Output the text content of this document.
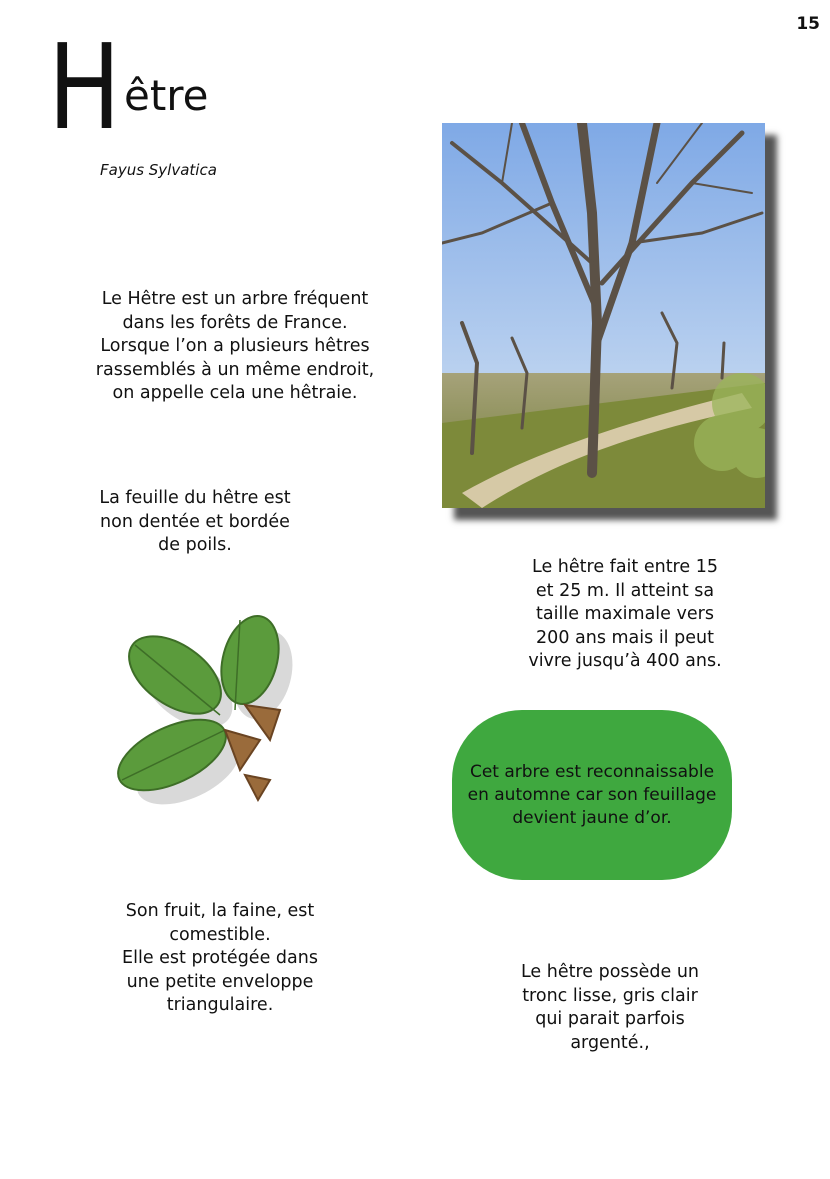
15
H être
Fayus Sylvatica
Le Hêtre est un arbre fréquent
dans les forêts de France.
Lorsque l’on a plusieurs hêtres
rassemblés à un même endroit,
on appelle cela une hêtraie.
La feuille du hêtre est
non dentée et bordée
de poils.
Le hêtre fait entre 15
et 25 m. Il atteint sa
taille maximale vers
200 ans mais il peut
vivre jusqu’à 400 ans.
Son fruit, la faine, est
comestible.
Elle est protégée dans
une petite enveloppe
triangulaire.
Le hêtre possède un
tronc lisse, gris clair
qui parait parfois
argenté.,
Cet arbre est reconnaissable
en automne car son feuillage
devient jaune d’or.
